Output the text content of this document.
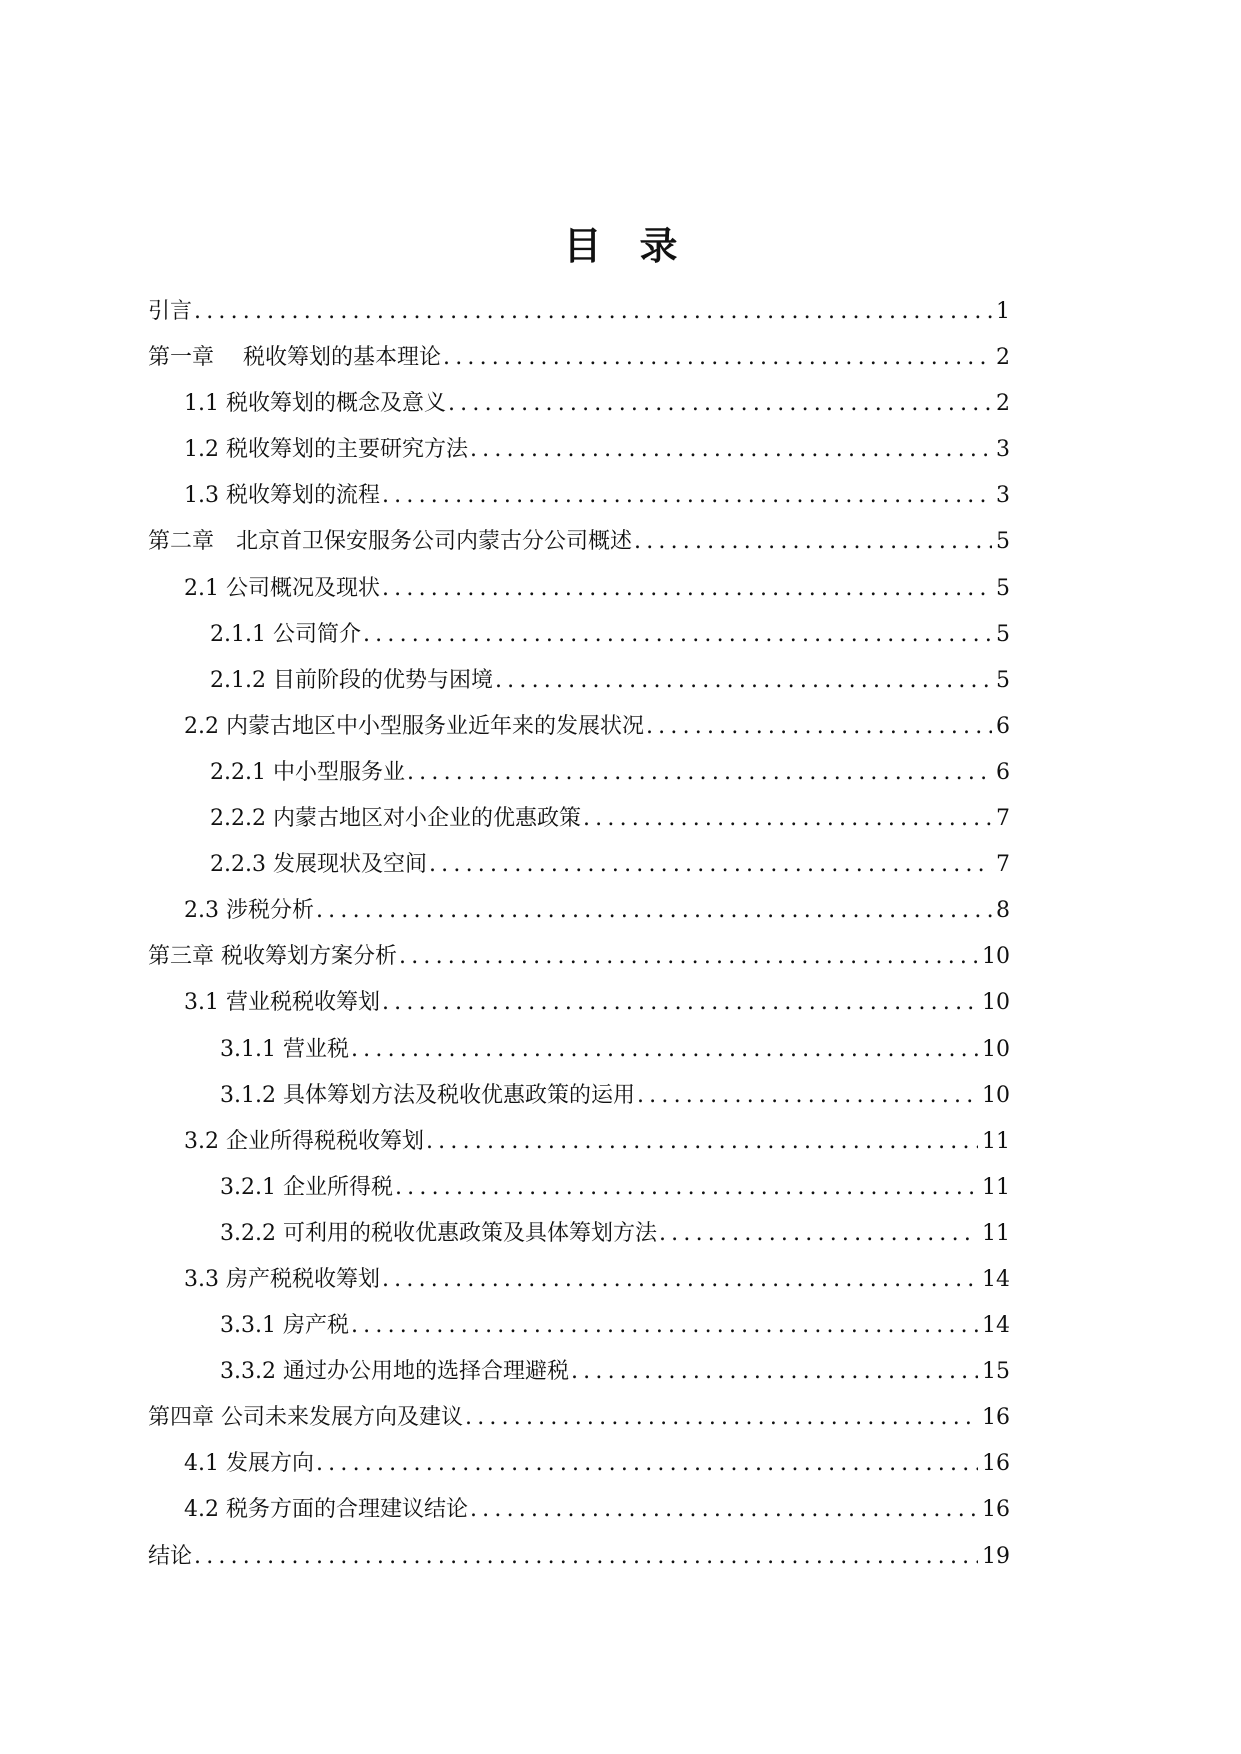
目　录
引言 .....	1
第一章　 税收筹划的基本理论 .....	2
1.1 税收筹划的概念及意义 .....	2
1.2 税收筹划的主要研究方法 .....	3
1.3 税收筹划的流程 .....	3
第二章　北京首卫保安服务公司内蒙古分公司概述 .....	5
2.1 公司概况及现状 .....	5
2.1.1 公司简介 .....	5
2.1.2 目前阶段的优势与困境 .....	5
2.2 内蒙古地区中小型服务业近年来的发展状况 .....	6
2.2.1 中小型服务业 .....	6
2.2.2 内蒙古地区对小企业的优惠政策 .....	7
2.2.3 发展现状及空间 .....	7
2.3 涉税分析 .....	8
第三章 税收筹划方案分析 .....	10
3.1 营业税税收筹划 .....	10
3.1.1 营业税 .....	10
3.1.2 具体筹划方法及税收优惠政策的运用 .....	10
3.2 企业所得税税收筹划 .....	11
3.2.1 企业所得税 .....	11
3.2.2 可利用的税收优惠政策及具体筹划方法 .....	11
3.3 房产税税收筹划 .....	14
3.3.1 房产税 .....	14
3.3.2 通过办公用地的选择合理避税 .....	15
第四章 公司未来发展方向及建议 .....	16
4.1 发展方向 .....	16
4.2 税务方面的合理建议结论 .....	16
结论 .....	19
